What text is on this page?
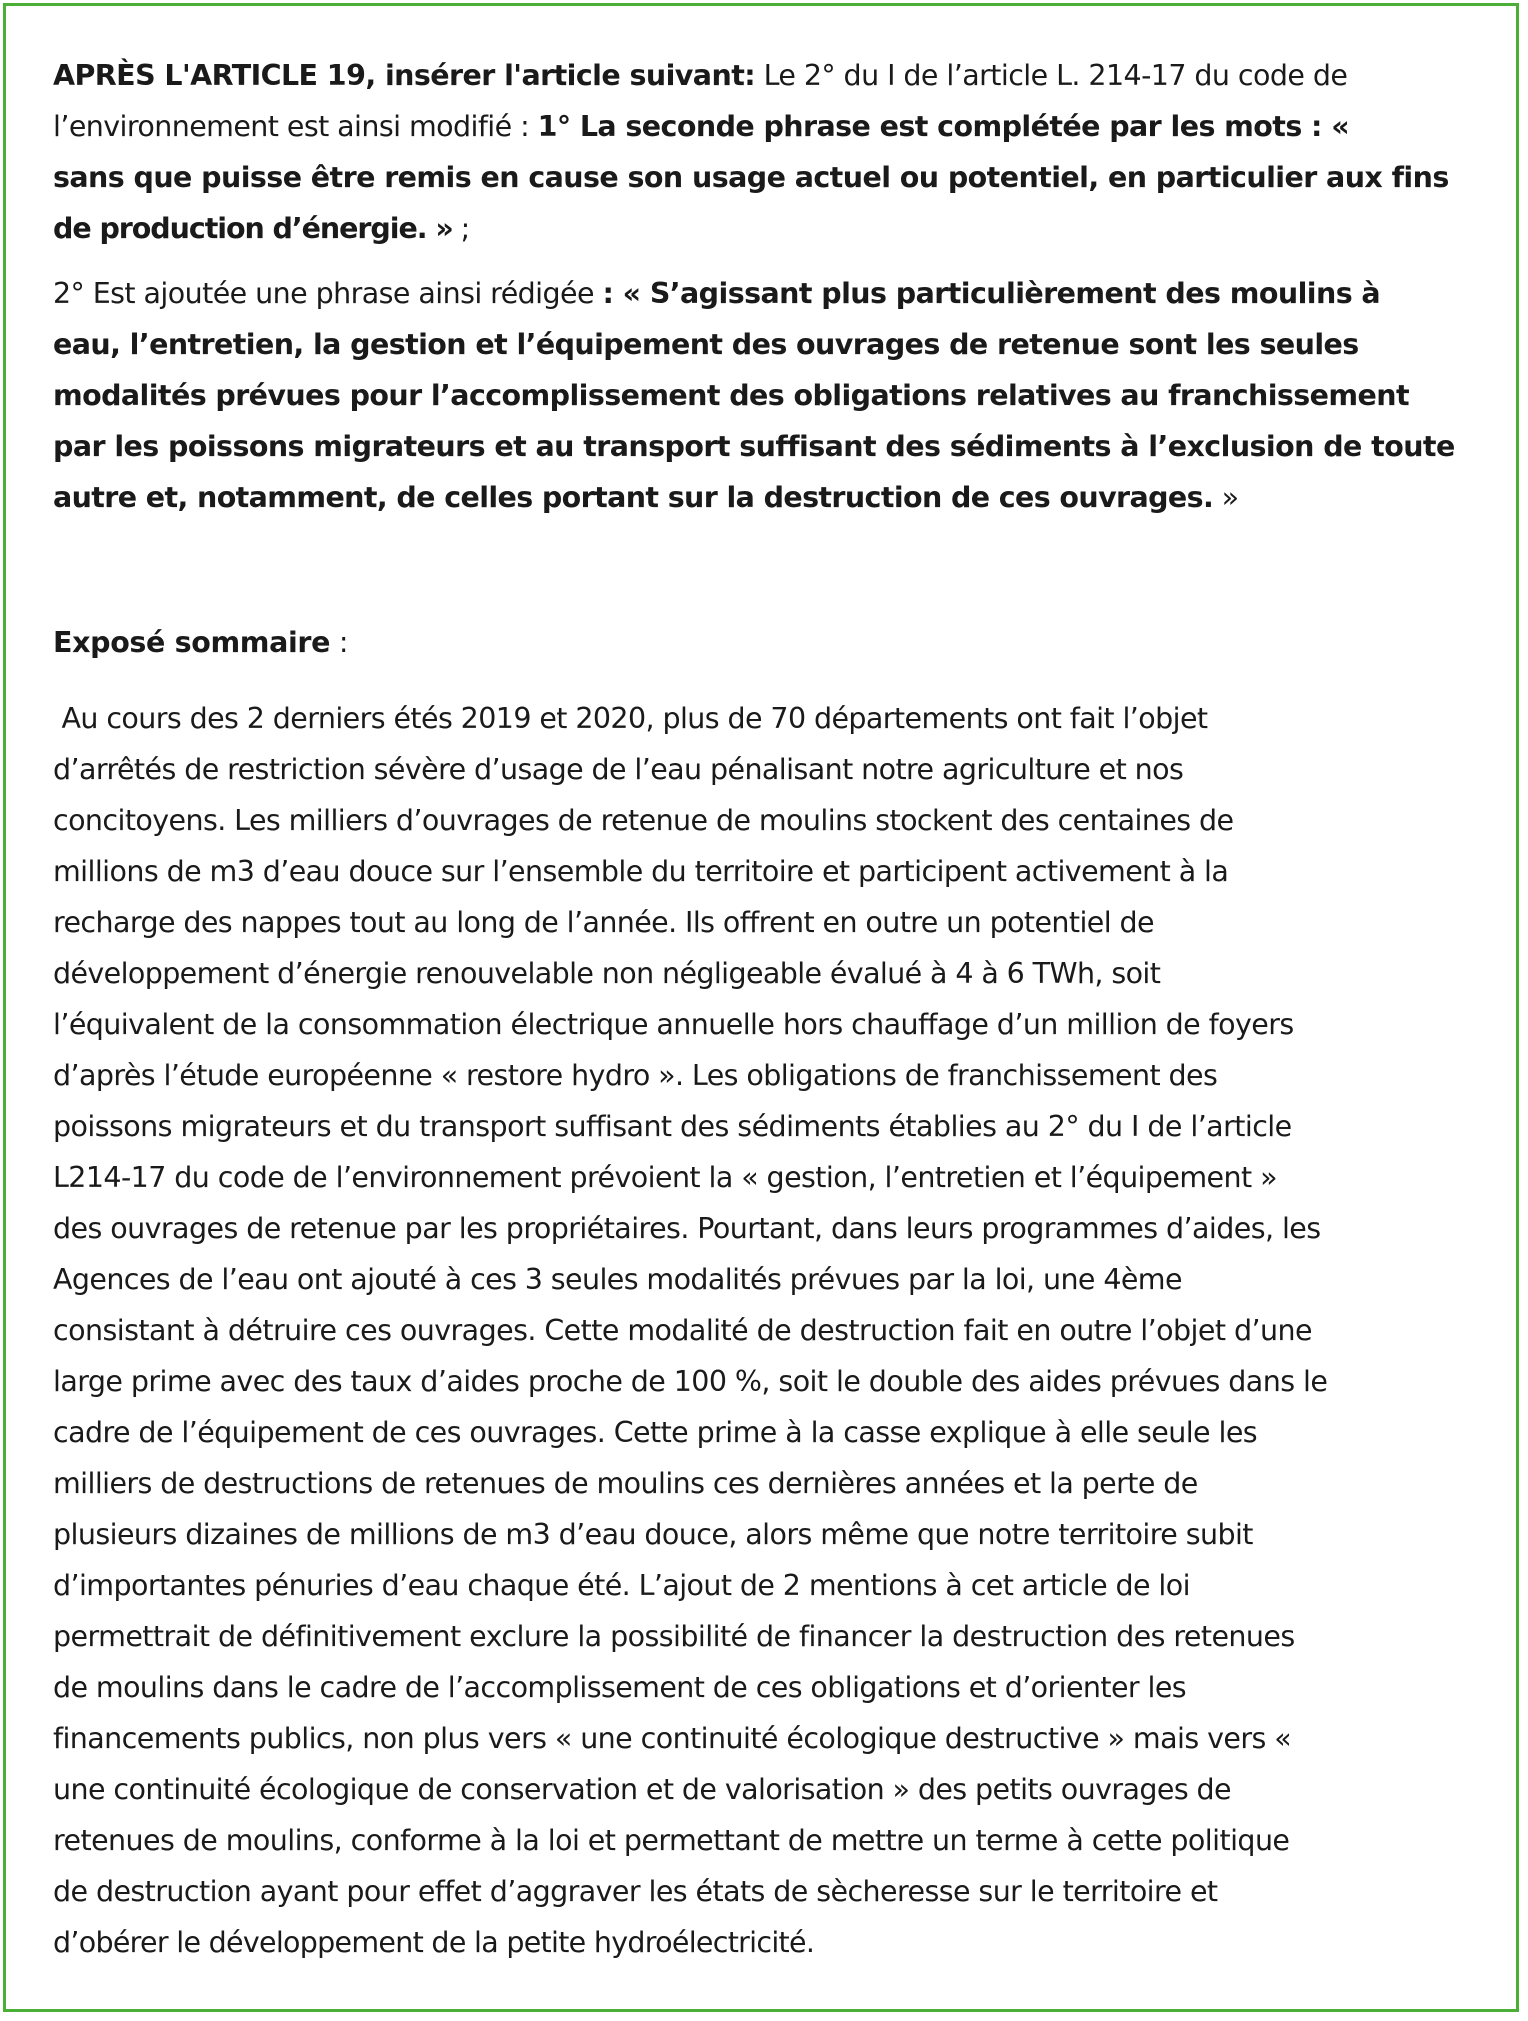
APRÈS L'ARTICLE 19, insérer l'article suivant: Le 2° du I de l’article L. 214-17 du code de
l’environnement est ainsi modifié : 1° La seconde phrase est complétée par les mots : «
sans que puisse être remis en cause son usage actuel ou potentiel, en particulier aux fins
de production d’énergie. » ;

2° Est ajoutée une phrase ainsi rédigée : « S’agissant plus particulièrement des moulins à
eau, l’entretien, la gestion et l’équipement des ouvrages de retenue sont les seules
modalités prévues pour l’accomplissement des obligations relatives au franchissement
par les poissons migrateurs et au transport suffisant des sédiments à l’exclusion de toute
autre et, notamment, de celles portant sur la destruction de ces ouvrages. »

Exposé sommaire :

Au cours des 2 derniers étés 2019 et 2020, plus de 70 départements ont fait l’objet
d’arrêtés de restriction sévère d’usage de l’eau pénalisant notre agriculture et nos
concitoyens. Les milliers d’ouvrages de retenue de moulins stockent des centaines de
millions de m3 d’eau douce sur l’ensemble du territoire et participent activement à la
recharge des nappes tout au long de l’année. Ils offrent en outre un potentiel de
développement d’énergie renouvelable non négligeable évalué à 4 à 6 TWh, soit
l’équivalent de la consommation électrique annuelle hors chauffage d’un million de foyers
d’après l’étude européenne « restore hydro ». Les obligations de franchissement des
poissons migrateurs et du transport suffisant des sédiments établies au 2° du I de l’article
L214-17 du code de l’environnement prévoient la « gestion, l’entretien et l’équipement »
des ouvrages de retenue par les propriétaires. Pourtant, dans leurs programmes d’aides, les
Agences de l’eau ont ajouté à ces 3 seules modalités prévues par la loi, une 4ème
consistant à détruire ces ouvrages. Cette modalité de destruction fait en outre l’objet d’une
large prime avec des taux d’aides proche de 100 %, soit le double des aides prévues dans le
cadre de l’équipement de ces ouvrages. Cette prime à la casse explique à elle seule les
milliers de destructions de retenues de moulins ces dernières années et la perte de
plusieurs dizaines de millions de m3 d’eau douce, alors même que notre territoire subit
d’importantes pénuries d’eau chaque été. L’ajout de 2 mentions à cet article de loi
permettrait de définitivement exclure la possibilité de financer la destruction des retenues
de moulins dans le cadre de l’accomplissement de ces obligations et d’orienter les
financements publics, non plus vers « une continuité écologique destructive » mais vers «
une continuité écologique de conservation et de valorisation » des petits ouvrages de
retenues de moulins, conforme à la loi et permettant de mettre un terme à cette politique
de destruction ayant pour effet d’aggraver les états de sècheresse sur le territoire et
d’obérer le développement de la petite hydroélectricité.
